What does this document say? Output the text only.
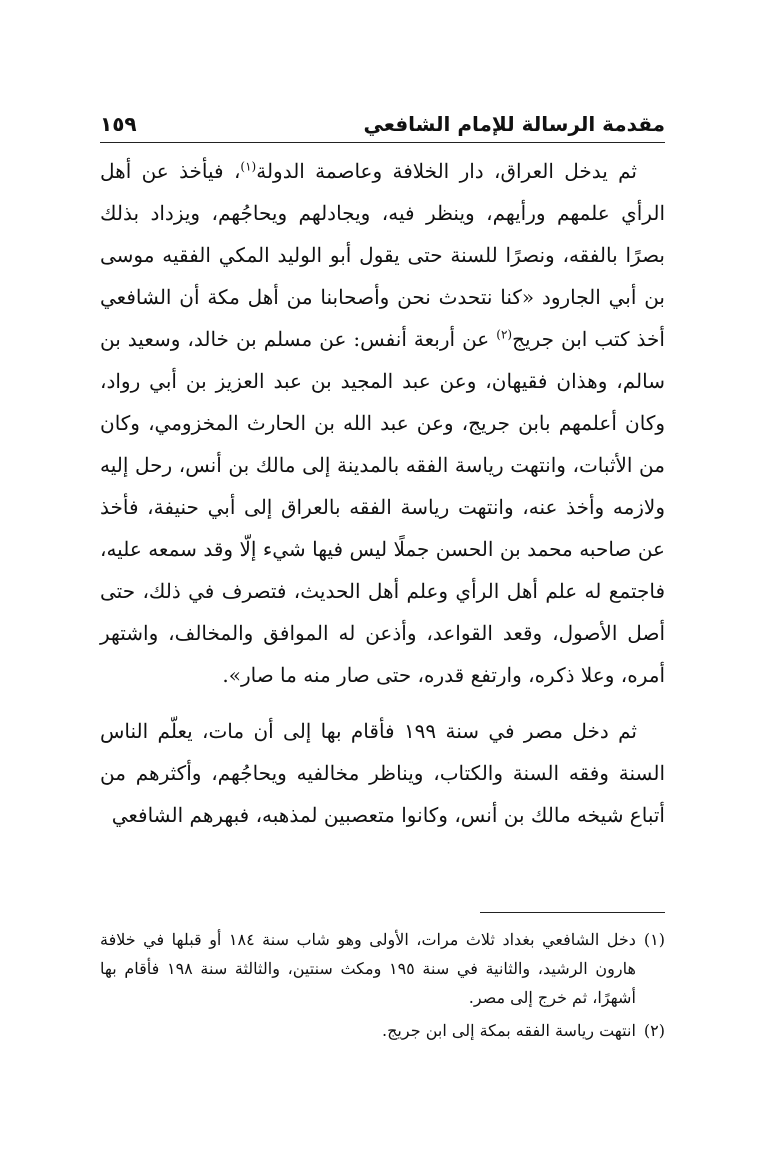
مقدمة الرسالة للإمام الشافعي
١٥٩

ثم يدخل العراق، دار الخلافة وعاصمة الدولة$^{(١)}$، فيأخذ عن أهل الرأي علمهم ورأيهم، وينظر فيه، ويجادلهم ويحاجُهم، ويزداد بذلك بصرًا بالفقه، ونصرًا للسنة حتى يقول أبو الوليد المكي الفقيه موسى بن أبي الجارود «كنا نتحدث نحن وأصحابنا من أهل مكة أن الشافعي أخذ كتب ابن جريج$^{(٢)}$ عن أربعة أنفس: عن مسلم بن خالد، وسعيد بن سالم، وهذان فقيهان، وعن عبد المجيد بن عبد العزيز بن أبي رواد، وكان أعلمهم بابن جريج، وعن عبد الله بن الحارث المخزومي، وكان من الأثبات، وانتهت رياسة الفقه بالمدينة إلى مالك بن أنس، رحل إليه ولازمه وأخذ عنه، وانتهت رياسة الفقه بالعراق إلى أبي حنيفة، فأخذ عن صاحبه محمد بن الحسن جملًا ليس فيها شيء إلّا وقد سمعه عليه، فاجتمع له علم أهل الرأي وعلم أهل الحديث، فتصرف في ذلك، حتى أصل الأصول، وقعد القواعد، وأذعن له الموافق والمخالف، واشتهر أمره، وعلا ذكره، وارتفع قدره، حتى صار منه ما صار».

ثم دخل مصر في سنة ١٩٩ فأقام بها إلى أن مات، يعلّم الناس السنة وفقه السنة والكتاب، ويناظر مخالفيه ويحاجُهم، وأكثرهم من أتباع شيخه مالك بن أنس، وكانوا متعصبين لمذهبه، فبهرهم الشافعي

(١)
دخل الشافعي بغداد ثلاث مرات، الأولى وهو شاب سنة ١٨٤ أو قبلها في خلافة هارون الرشيد، والثانية في سنة ١٩٥ ومكث سنتين، والثالثة سنة ١٩٨ فأقام بها أشهرًا، ثم خرج إلى مصر.
(٢)
انتهت رياسة الفقه بمكة إلى ابن جريج.
